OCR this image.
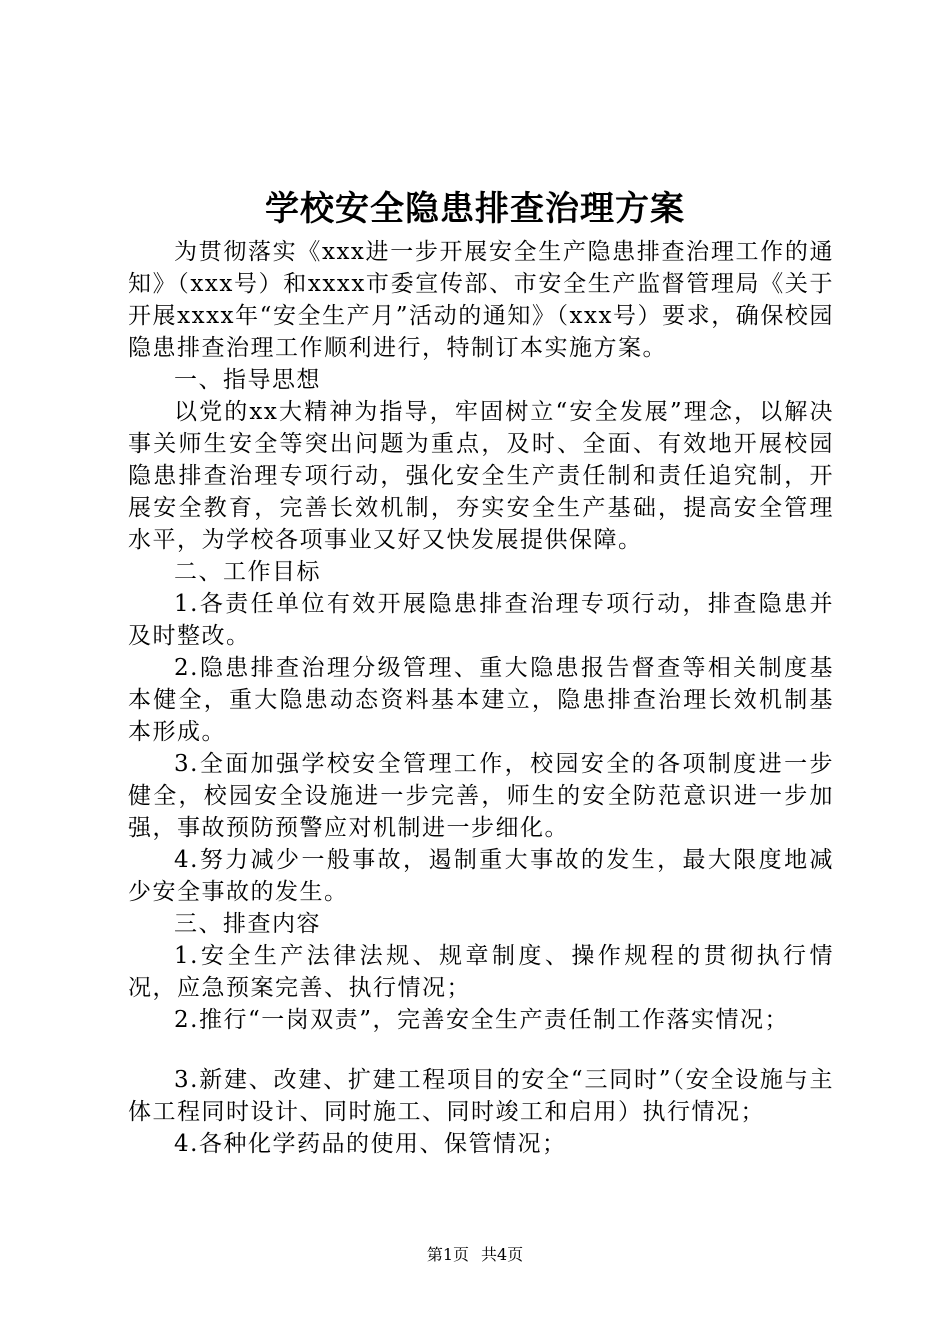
学校安全隐患排查治理方案

为贯彻落实《xxx进一步开展安全生产隐患排查治理工作的通知》（xxx号）和xxxx市委宣传部、市安全生产监督管理局《关于开展xxxx年“安全生产月”活动的通知》（xxx号）要求，确保校园隐患排查治理工作顺利进行，特制订本实施方案。

一、指导思想

以党的xx大精神为指导，牢固树立“安全发展”理念，以解决事关师生安全等突出问题为重点，及时、全面、有效地开展校园隐患排查治理专项行动，强化安全生产责任制和责任追究制，开展安全教育，完善长效机制，夯实安全生产基础，提高安全管理水平，为学校各项事业又好又快发展提供保障。

二、工作目标

1.各责任单位有效开展隐患排查治理专项行动，排查隐患并及时整改。

2.隐患排查治理分级管理、重大隐患报告督查等相关制度基本健全，重大隐患动态资料基本建立，隐患排查治理长效机制基本形成。

3.全面加强学校安全管理工作，校园安全的各项制度进一步健全，校园安全设施进一步完善，师生的安全防范意识进一步加强，事故预防预警应对机制进一步细化。

4.努力减少一般事故，遏制重大事故的发生，最大限度地减少安全事故的发生。

三、排查内容

1.安全生产法律法规、规章制度、操作规程的贯彻执行情况，应急预案完善、执行情况；

2.推行“一岗双责”，完善安全生产责任制工作落实情况；

3.新建、改建、扩建工程项目的安全“三同时”（安全设施与主体工程同时设计、同时施工、同时竣工和启用）执行情况；

4.各种化学药品的使用、保管情况；

第1页 共4页
